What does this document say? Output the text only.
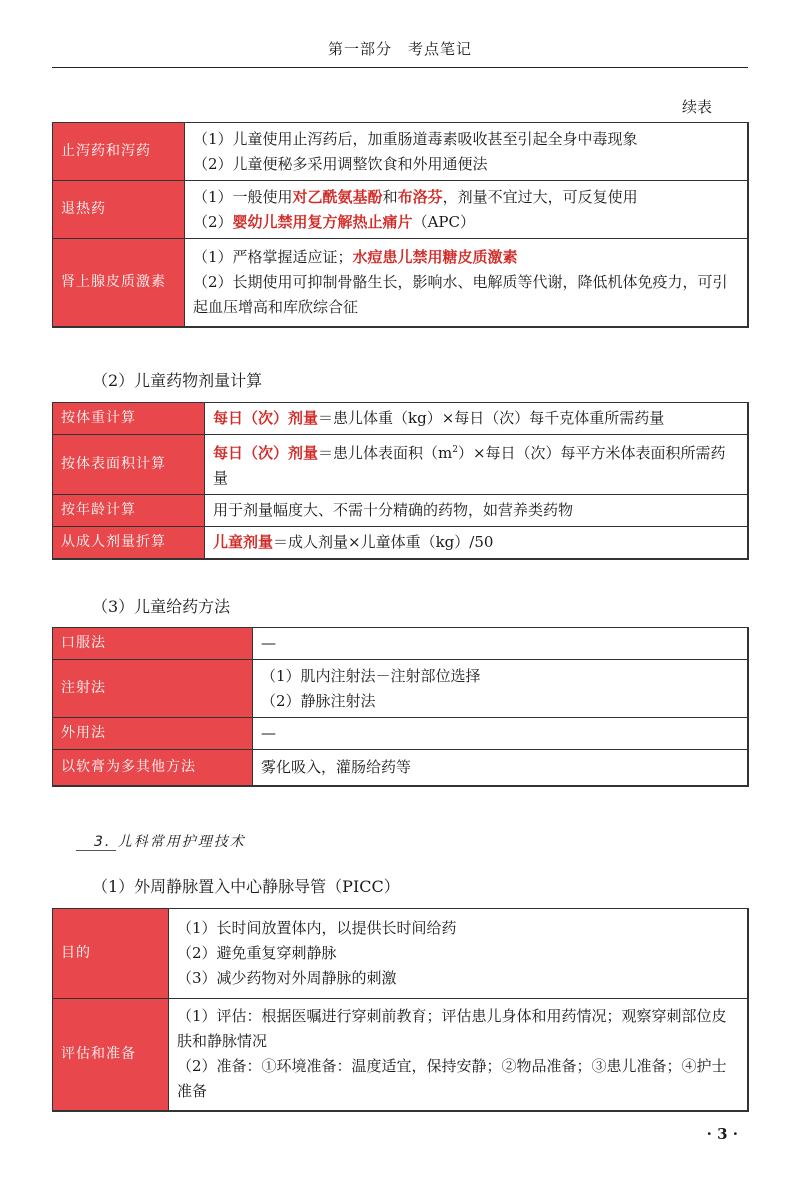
第一部分　考点笔记
续表
止泻药和泻药	（1）儿童使用止泻药后，加重肠道毒素吸收甚至引起全身中毒现象
（2）儿童便秘多采用调整饮食和外用通便法

退热药	（1）一般使用对乙酰氨基酚和布洛芬，剂量不宜过大，可反复使用
（2）婴幼儿禁用复方解热止痛片（APC）

肾上腺皮质激素	（1）严格掌握适应证；水痘患儿禁用糖皮质激素
（2）长期使用可抑制骨骼生长，影响水、电解质等代谢，降低机体免疫力，可引起血压增高和库欣综合征
（2）儿童药物剂量计算
按体重计算	每日（次）剂量＝患儿体重（kg）×每日（次）每千克体重所需药量
按体表面积计算	每日（次）剂量＝患儿体表面积$(m^2)\times$每日（次）每平方米体表面积所需药量
按年龄计算	用于剂量幅度大、不需十分精确的药物，如营养类药物
从成人剂量折算	儿童剂量＝成人剂量×儿童体重（kg）/50
（3）儿童给药方法
口服法	—
注射法	（1）肌内注射法－注射部位选择
（2）静脉注射法

外用法	—
以软膏为多其他方法	雾化吸入，灌肠给药等
3. 儿科常用护理技术
（1）外周静脉置入中心静脉导管（PICC）
目的	（1）长时间放置体内，以提供长时间给药
（2）避免重复穿刺静脉
（3）减少药物对外周静脉的刺激

评估和准备	（1）评估：根据医嘱进行穿刺前教育；评估患儿身体和用药情况；观察穿刺部位皮肤和静脉情况
（2）准备：①环境准备：温度适宜，保持安静；②物品准备；③患儿准备；④护士准备
· 3 ·
